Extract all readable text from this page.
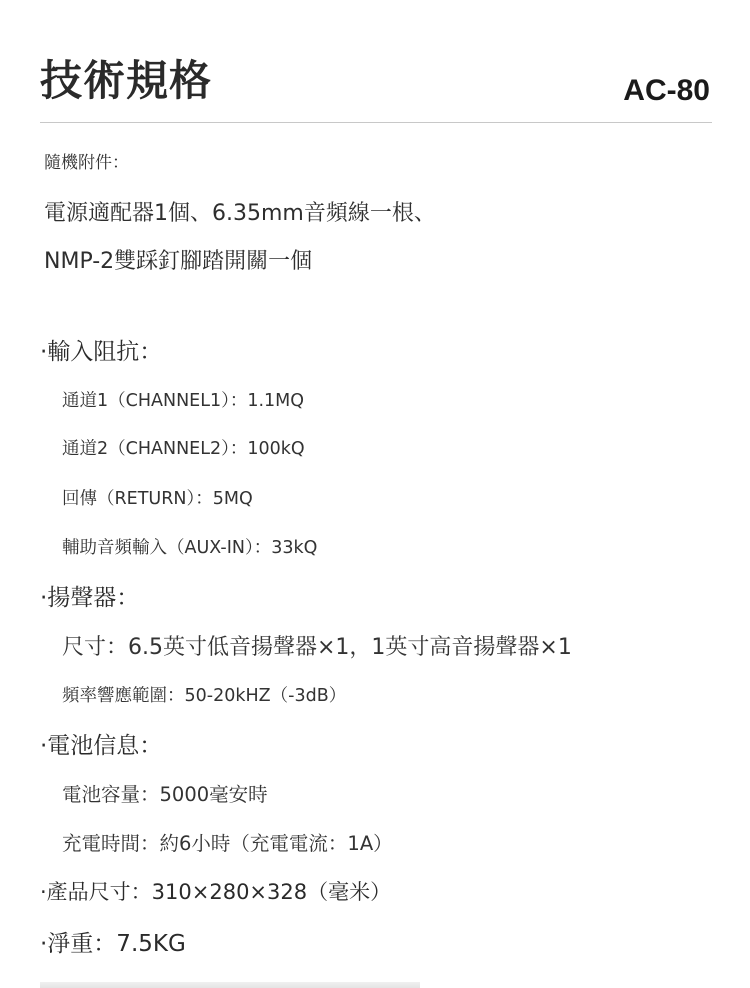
技術規格	AC-80
隨機附件：
電源適配器1個、6.35mm音頻線一根、
NMP-2雙踩釘腳踏開關一個
·輸入阻抗：
通道1（CHANNEL1）：1.1MQ
通道2（CHANNEL2）：100kQ
回傳（RETURN）：5MQ
輔助音頻輸入（AUX-IN）：33kQ
·揚聲器：
尺寸：6.5英寸低音揚聲器×1，1英寸高音揚聲器×1
頻率響應範圍：50-20kHZ（-3dB）
·電池信息：
電池容量：5000毫安時
充電時間：約6小時（充電電流：1A）
·產品尺寸：310×280×328（毫米）
·淨重：7.5KG
